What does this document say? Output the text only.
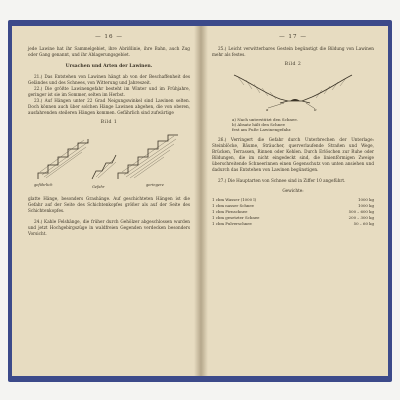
— 16 —

jede Lawine hat ihr Sammelgebiet, ihre Abrißlinie, ihre Bahn, auch Zug oder Gang genannt, und ihr Ablagerungsgebiet.

Ursachen und Arten der Lawinen.

21.) Das Entstehen von Lawinen hängt ab von der Beschaffenheit des Geländes und des Schnees, von Witterung und Jahreszeit.

22.) Die größte Lawinengefahr besteht im Winter und im Frühjahre, geringer ist sie im Sommer, selten im Herbst.

23.) Auf Hängen unter 22 Grad Neigungswinkel sind Lawinen selten. Doch können auch über solchen Hänge Lawinen abgehen, die von oberen, ausfahrenden steileren Hängen kommen. Gefährlich sind zufwärtige

Bild 1
gefährlich	Gefahr	geringere

glatte Hänge, besonders Grashänge. Auf geschichteten Hängen ist die Gefahr auf der Seite des Schichtenkopfes größer als auf der Seite des Schichtenkopfes.

24.) Kahle Felshänge, die früher durch Gehölzer abgeschlossen wurden und jetzt Hochgebirgszüge in waldfreien Gegenden verdecken besonders Vorsicht.

— 17 —

25.) Leicht verwitterbares Gestein begünstigt die Bildung von Lawinen mehr als festes.

Bild 2
a	b

a) Nach unterstützt den Schnee.

b) Absatz hält den Schnee

fest am Fuße Lawinengefahr.

26.) Verringert die Gefahr durch Unterbrechen der Unterlage: Steinblöcke, Bäume, Sträucher, querverlaufende Straßen und Wege, Brücken, Terrassen, Rinnen oder Kehlen. Durch Erlöschen zur Ruhe oder Bildungen, die im nicht eingedeckt sind, die linienförmigen Zweige überschreitende Schneerinnen einen Gegenschutz von unten ansiehen und dadurch das Entstehen von Lawinen begünstigen.

27.) Die Hauptarten von Schnee sind in Ziffer 10 angeführt.

Gewichte:
1 cbm Wasser (1000 l)	1000 kg
1 cbm nasser Schnee	1000 kg
1 cbm Firnschnee	500 – 600 kg
1 cbm gesetzter Schnee	200 – 300 kg
1 cbm Pulverschnee	50 – 60 kg
